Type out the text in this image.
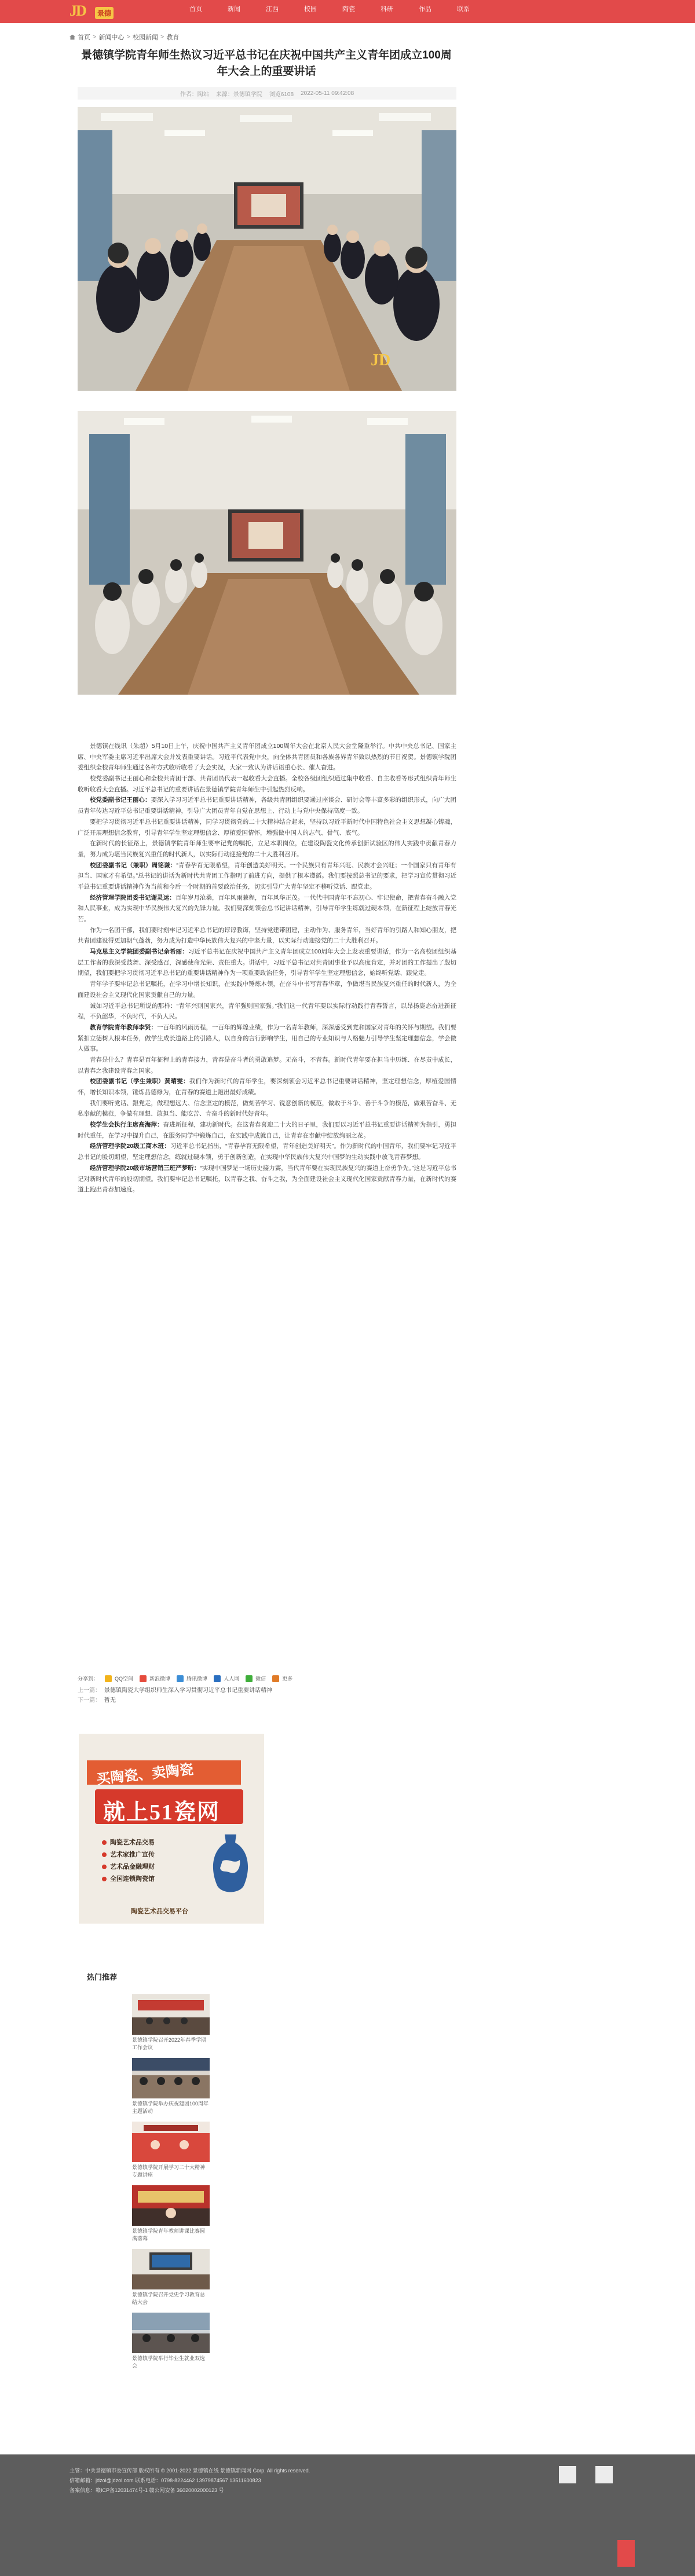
JD	景德	首页	新闻	江西	校园	陶瓷	科研	作品	联系
首页 > 新闻中心 > 校园新闻 > 教育
景德镇学院青年师生热议习近平总书记在庆祝中国共产主义青年团成立100周年大会上的重要讲话
作者：陶站 来源：景德镇学院 浏览6108 2022-05-11 09:42:08
JD

景德镇在线讯（朱超）5月10日上午，庆祝中国共产主义青年团成立100周年大会在北京人民大会堂隆重举行。中共中央总书记、国家主席、中央军委主席习近平出席大会并发表重要讲话。习近平代表党中央，向全体共青团员和各族各界青年致以热烈的节日祝贺。景德镇学院团委组织全校青年师生通过各种方式收听收看了大会实况，大家一致认为讲话语重心长、催人奋进。

校党委副书记王丽心和全校共青团干部、共青团员代表一起收看大会直播。全校各级团组织通过集中收看、自主收看等形式组织青年师生收听收看大会直播。习近平总书记的重要讲话在景德镇学院青年师生中引起热烈反响。

校党委副书记王丽心：要深入学习习近平总书记重要讲话精神，各级共青团组织要通过座谈会、研讨会等丰富多彩的组织形式，向广大团员青年传达习近平总书记重要讲话精神，引导广大团员青年自觉在思想上、行动上与党中央保持高度一致。

要把学习贯彻习近平总书记重要讲话精神，同学习贯彻党的二十大精神结合起来，坚持以习近平新时代中国特色社会主义思想凝心铸魂，广泛开展理想信念教育，引导青年学生坚定理想信念、厚植爱国情怀，增强做中国人的志气、骨气、底气。

在新时代的长征路上，景德镇学院青年师生要牢记党的嘱托，立足本职岗位，在建设陶瓷文化传承创新试验区的伟大实践中贡献青春力量，努力成为堪当民族复兴重任的时代新人，以实际行动迎接党的二十大胜利召开。

校团委副书记（兼职）周铭谦：“青春孕育无限希望，青年创造美好明天。一个民族只有青年兴旺、民族才会兴旺；一个国家只有青年有担当、国家才有希望。”总书记的讲话为新时代共青团工作指明了前进方向，提供了根本遵循。我们要按照总书记的要求，把学习宣传贯彻习近平总书记重要讲话精神作为当前和今后一个时期的首要政治任务，切实引导广大青年坚定不移听党话、跟党走。

经济管理学院团委书记谢灵运：百年岁月沧桑，百年风雨兼程，百年风华正茂。一代代中国青年不忘初心、牢记使命，把青春奋斗融入党和人民事业，成为实现中华民族伟大复兴的先锋力量。我们要深刻领会总书记讲话精神，引导青年学生练就过硬本领，在新征程上绽放青春光芒。

作为一名团干部，我们要时刻牢记习近平总书记的谆谆教诲，坚持党建带团建，主动作为、服务青年，当好青年的引路人和知心朋友，把共青团建设得更加朝气蓬勃，努力成为打造中华民族伟大复兴的中坚力量，以实际行动迎接党的二十大胜利召开。

马克思主义学院团委副书记余希丽：习近平总书记在庆祝中国共产主义青年团成立100周年大会上发表重要讲话，作为一名高校团组织基层工作者的我深受鼓舞、深受感召，深感使命光荣、责任重大。讲话中，习近平总书记对共青团事业予以高度肯定，并对团的工作提出了殷切期望，我们要把学习贯彻习近平总书记的重要讲话精神作为一项重要政治任务，引导青年学生坚定理想信念，始终听党话、跟党走。

青年学子要牢记总书记嘱托，在学习中增长知识，在实践中锤炼本领，在奋斗中书写青春华章，争做堪当民族复兴重任的时代新人，为全面建设社会主义现代化国家贡献自己的力量。

诚如习近平总书记所说的那样：“青年兴则国家兴，青年强则国家强。”我们这一代青年要以实际行动践行青春誓言，以昂扬姿态奋进新征程，不负韶华，不负时代，不负人民。

教育学院青年教师李贤：一百年的风雨历程，一百年的辉煌业绩，作为一名青年教师，深深感受到党和国家对青年的关怀与期望。我们要紧扣立德树人根本任务，做学生成长道路上的引路人，以自身的言行影响学生，用自己的专业知识与人格魅力引导学生坚定理想信念，学会做人做事。

青春是什么？青春是百年征程上的青春接力，青春是奋斗者的勇敢追梦。无奋斗，不青春。新时代青年要在担当中历练、在尽责中成长，以青春之我建设青春之国家。

校团委副书记（学生兼职）黄晴雯：我们作为新时代的青年学生，要深刻领会习近平总书记重要讲话精神，坚定理想信念，厚植爱国情怀，增长知识本领，锤炼品德修为，在青春的赛道上跑出最好成绩。

我们要听党话、跟党走，做理想远大、信念坚定的模范，做刻苦学习、锐意创新的模范，做敢于斗争、善于斗争的模范，做艰苦奋斗、无私奉献的模范，争做有理想、敢担当、能吃苦、肯奋斗的新时代好青年。

校学生会执行主席高海萍：奋进新征程，建功新时代。在这青春喜迎二十大的日子里，我们要以习近平总书记重要讲话精神为指引，勇担时代重任，在学习中提升自己，在服务同学中锻炼自己，在实践中成就自己，让青春在奉献中绽放绚丽之花。

经济管理学院20级工商本班：习近平总书记指出，“青春孕育无限希望，青年创造美好明天”。作为新时代的中国青年，我们要牢记习近平总书记的殷切期望，坚定理想信念，练就过硬本领，勇于创新创造，在实现中华民族伟大复兴中国梦的生动实践中放飞青春梦想。

经济管理学院20级市场营销三班严梦昕：“实现中国梦是一场历史接力赛，当代青年要在实现民族复兴的赛道上奋勇争先。”这是习近平总书记对新时代青年的殷切期望。我们要牢记总书记嘱托，以青春之我、奋斗之我，为全面建设社会主义现代化国家贡献青春力量，在新时代的赛道上跑出青春加速度。

分享到：	QQ空间	新浪微博	腾讯微博	人人网	微信	更多
上一篇： 景德镇陶瓷大学组织师生深入学习贯彻习近平总书记重要讲话精神
下一篇： 暂无
买陶瓷、卖陶瓷
就上51瓷网
陶瓷艺术品交易
艺术家推广宣传
艺术品金融理财
全国连锁陶瓷馆
陶瓷艺术品交易平台
热门推荐
景德镇学院召开2022年春季学期工作会议
景德镇学院举办庆祝建团100周年主题活动
景德镇学院开展学习二十大精神专题讲座
景德镇学院青年教师讲课比赛圆满落幕
景德镇学院召开党史学习教育总结大会
景德镇学院举行毕业生就业双选会
主管：中共景德镇市委宣传部 版权所有 © 2001-2022 景德镇在线 景德镇新闻网 Corp. All rights reserved.
信箱邮箱：jdzol@jdzol.com 联系电话：0798-8224462 13979874567 13511600823
备案信息：赣ICP备12031474号-1 赣公网安备 36020002000123 号
